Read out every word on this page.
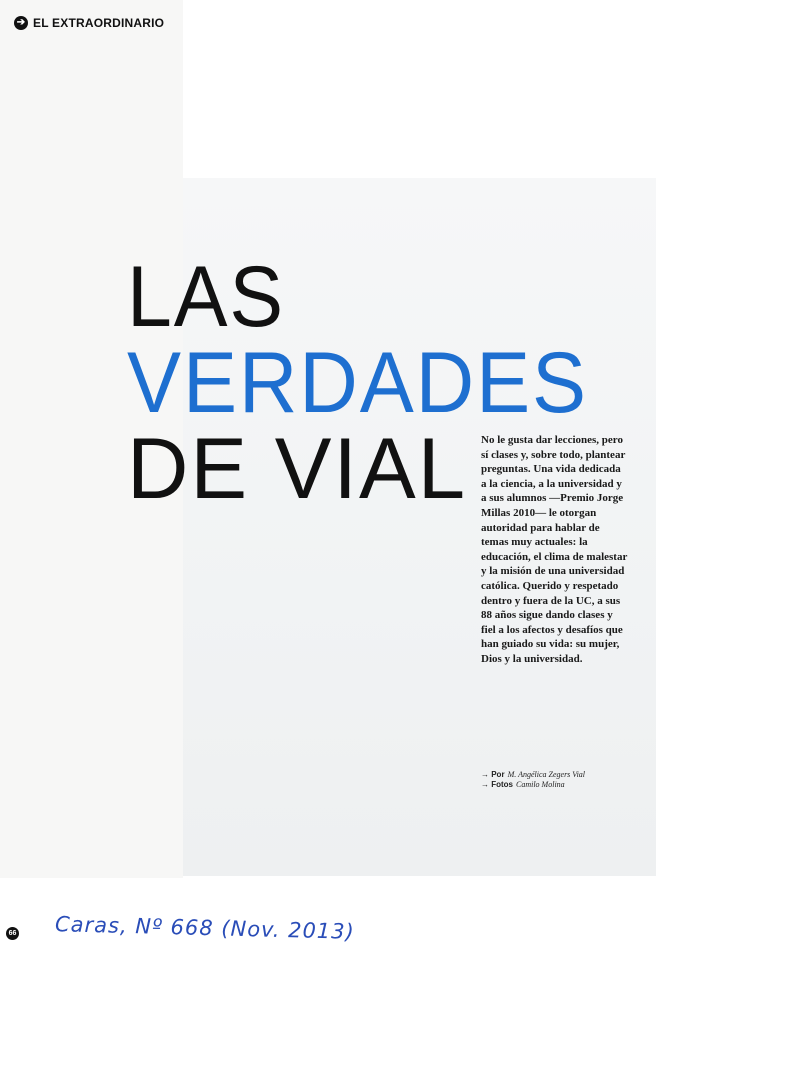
➔ EL EXTRAORDINARIO
LAS
VERDADES
DE VIAL No le gusta dar lecciones, pero sí clases y, sobre todo, plantear preguntas. Una vida dedicada a la ciencia, a la universidad y a sus alumnos —Premio Jorge Millas 2010— le otorgan autoridad para hablar de temas muy actuales: la educación, el clima de malestar y la misión de una universidad católica. Querido y respetado dentro y fuera de la UC, a sus 88 años sigue dando clases y fiel a los afectos y desafíos que han guiado su vida: su mujer, Dios y la universidad.
→ Por M. Angélica Zegers Vial
→ Fotos Camilo Molina
66 Caras, Nº 668 (Nov. 2013)
